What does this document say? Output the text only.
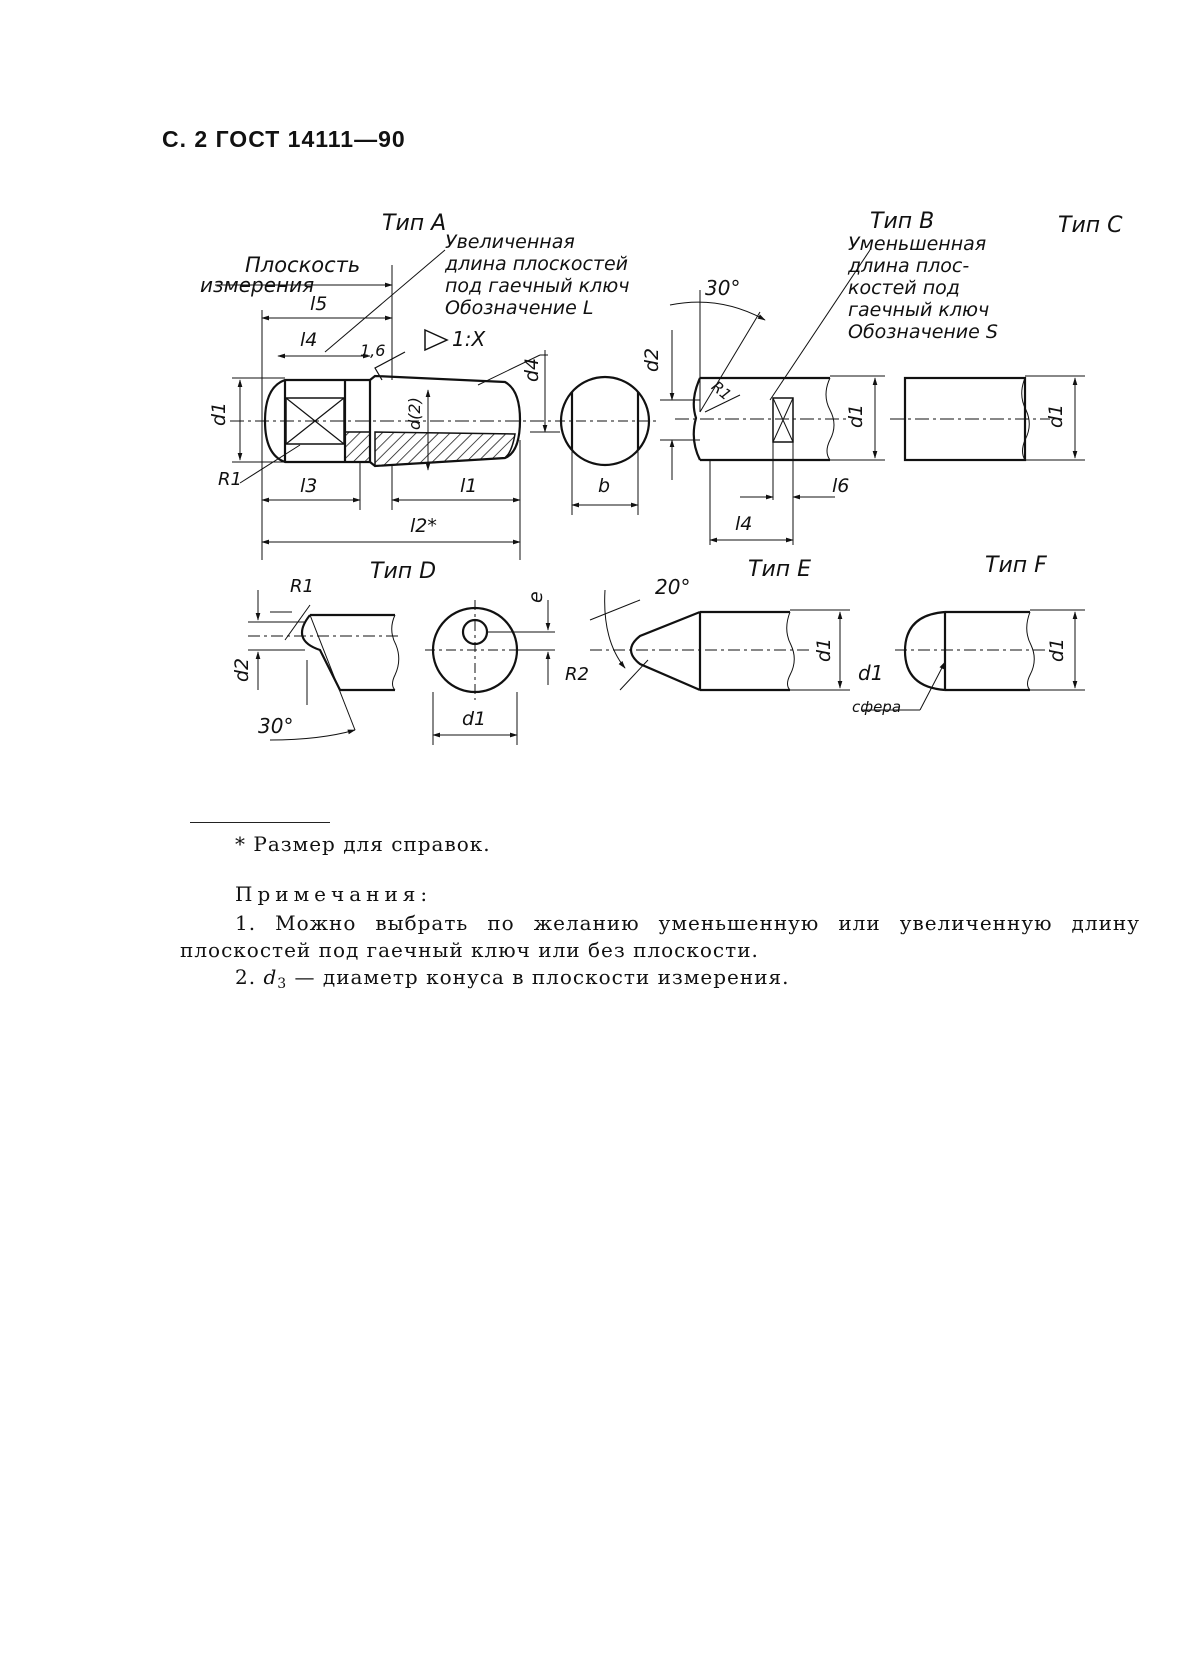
С. 2 ГОСТ 14111—90
Тип A	Тип B	Тип C
Тип D	Тип E	Тип F
Плоскость
измерения
Увеличенная
длина плоскостей
под гаечный ключ
Обозначение L
Уменьшенная
длина плос-
костей под
гаечный ключ
Обозначение S
1:X
1,6
30°
30°
20°
сфера
d1	d(2)
d4
l5
l4
l3	l1
l2*
R1	b
d2
R1
d1
l4
l6
d1
R1
d2
d1
e
R2
d1
d1
d1
* Размер для справок.
Примечания:
1. Можно выбрать по желанию уменьшенную или увеличенную длину плоскостей под гаечный ключ или без плоскости.
2. $d_3$ — диаметр конуса в плоскости измерения.
